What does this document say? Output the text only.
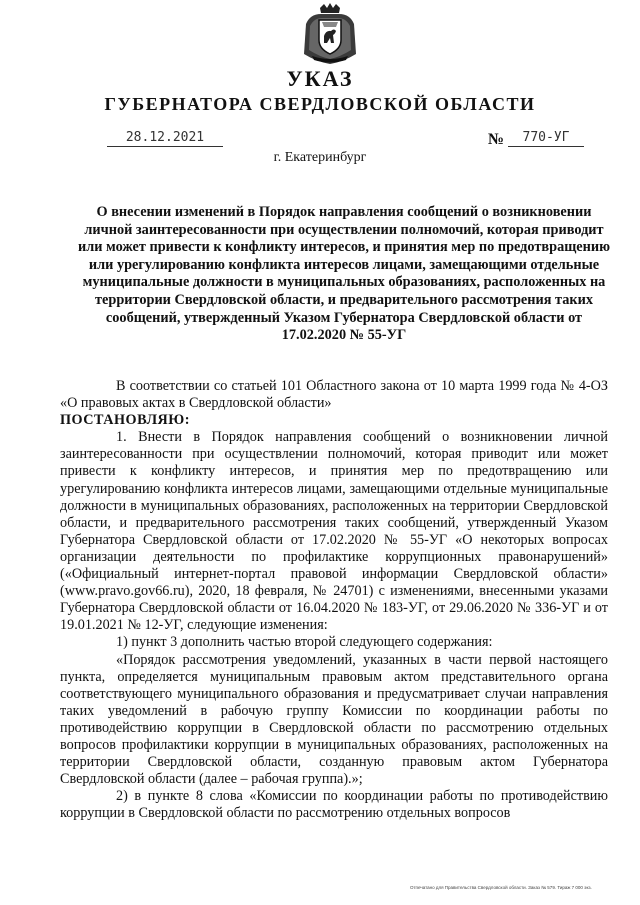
УКАЗ
ГУБЕРНАТОРА СВЕРДЛОВСКОЙ ОБЛАСТИ
28.12.2021	№	770-УГ
г. Екатеринбург
О внесении изменений в Порядок направления сообщений о возникновении личной заинтересованности при осуществлении полномочий, которая приводит или может привести к конфликту интересов, и принятия мер по предотвращению или урегулированию конфликта интересов лицами, замещающими отдельные муниципальные должности в муниципальных образованиях, расположенных на территории Свердловской области, и предварительного рассмотрения таких сообщений, утвержденный Указом Губернатора Свердловской области от 17.02.2020 № 55-УГ

В соответствии со статьей 101 Областного закона от 10 марта 1999 года № 4-ОЗ «О правовых актах в Свердловской области»

ПОСТАНОВЛЯЮ:

1. Внести в Порядок направления сообщений о возникновении личной заинтересованности при осуществлении полномочий, которая приводит или может привести к конфликту интересов, и принятия мер по предотвращению или урегулированию конфликта интересов лицами, замещающими отдельные муниципальные должности в муниципальных образованиях, расположенных на территории Свердловской области, и предварительного рассмотрения таких сообщений, утвержденный Указом Губернатора Свердловской области от 17.02.2020 № 55-УГ «О некоторых вопросах организации деятельности по профилактике коррупционных правонарушений» («Официальный интернет-портал правовой информации Свердловской области» (www.pravo.gov66.ru), 2020, 18 февраля, № 24701) с изменениями, внесенными указами Губернатора Свердловской области от 16.04.2020 № 183-УГ, от 29.06.2020 № 336-УГ и от 19.01.2021 № 12-УГ, следующие изменения:

1) пункт 3 дополнить частью второй следующего содержания:

«Порядок рассмотрения уведомлений, указанных в части первой настоящего пункта, определяется муниципальным правовым актом представительного органа соответствующего муниципального образования и предусматривает случаи направления таких уведомлений в рабочую группу Комиссии по координации работы по противодействию коррупции в Свердловской области по рассмотрению отдельных вопросов профилактики коррупции в муниципальных образованиях, расположенных на территории Свердловской области, созданную правовым актом Губернатора Свердловской области (далее – рабочая группа).»;

2) в пункте 8 слова «Комиссии по координации работы по противодействию коррупции в Свердловской области по рассмотрению отдельных вопросов

Отпечатано для Правительства Свердловской области. Заказ № 579. Тираж 7 000 экз.
